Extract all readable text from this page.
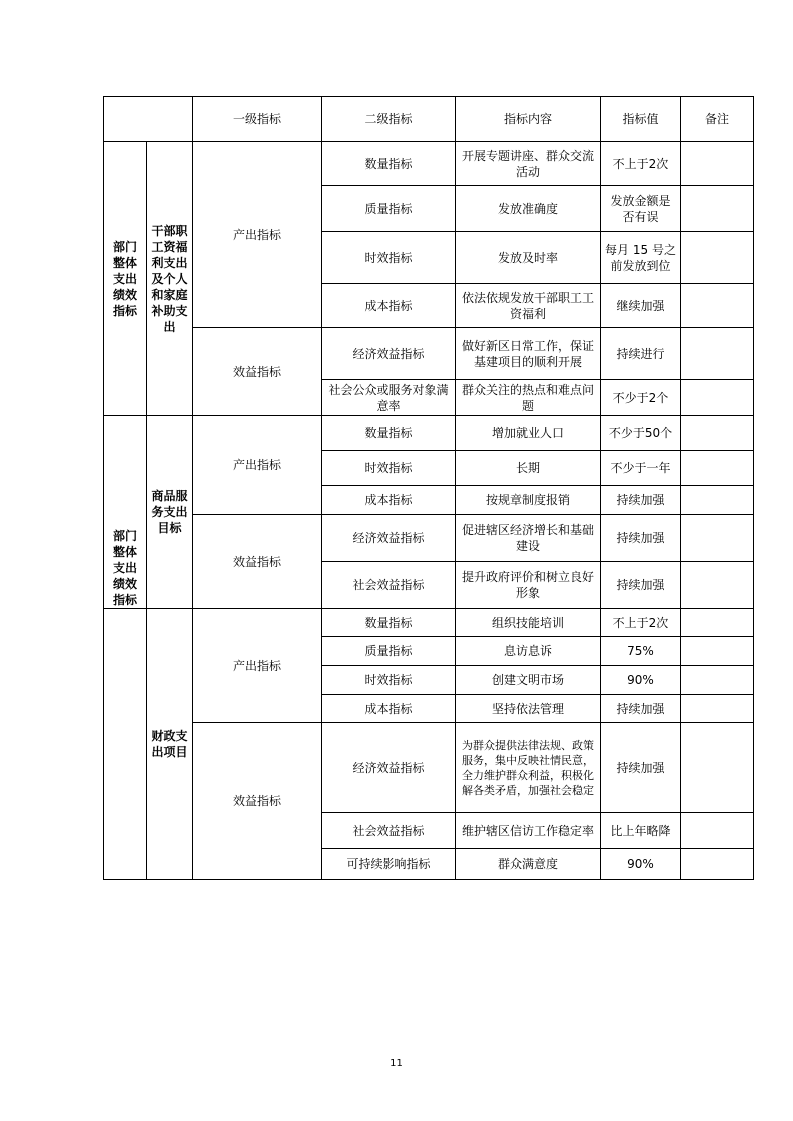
		一级指标	二级指标	指标内容	指标值	备注
部门整体支出绩效指标	干部职工资福利支出及个人和家庭补助支出	产出指标	数量指标	开展专题讲座、群众交流活动	不上于2次	
			质量指标	发放准确度	发放金额是否有误	
			时效指标	发放及时率	每月 15 号之前发放到位	
			成本指标	依法依规发放干部职工工资福利	继续加强	
		效益指标	经济效益指标	做好新区日常工作，保证基建项目的顺利开展	持续进行	
			社会公众或服务对象满意率	群众关注的热点和难点问题	不少于2个	
部门整体支出绩效指标	商品服务支出目标	产出指标	数量指标	增加就业人口	不少于50个	
			时效指标	长期	不少于一年	
			成本指标	按规章制度报销	持续加强	
		效益指标	经济效益指标	促进辖区经济增长和基础建设	持续加强	
			社会效益指标	提升政府评价和树立良好形象	持续加强	
	财政支出项目	产出指标	数量指标	组织技能培训	不上于2次	
			质量指标	息访息诉	75%	
			时效指标	创建文明市场	90%	
			成本指标	坚持依法管理	持续加强	
		效益指标	经济效益指标	为群众提供法律法规、政策服务，集中反映社情民意，全力维护群众利益，积极化解各类矛盾，加强社会稳定	持续加强	
			社会效益指标	维护辖区信访工作稳定率	比上年略降	
			可持续影响指标	群众满意度	90%	
11
